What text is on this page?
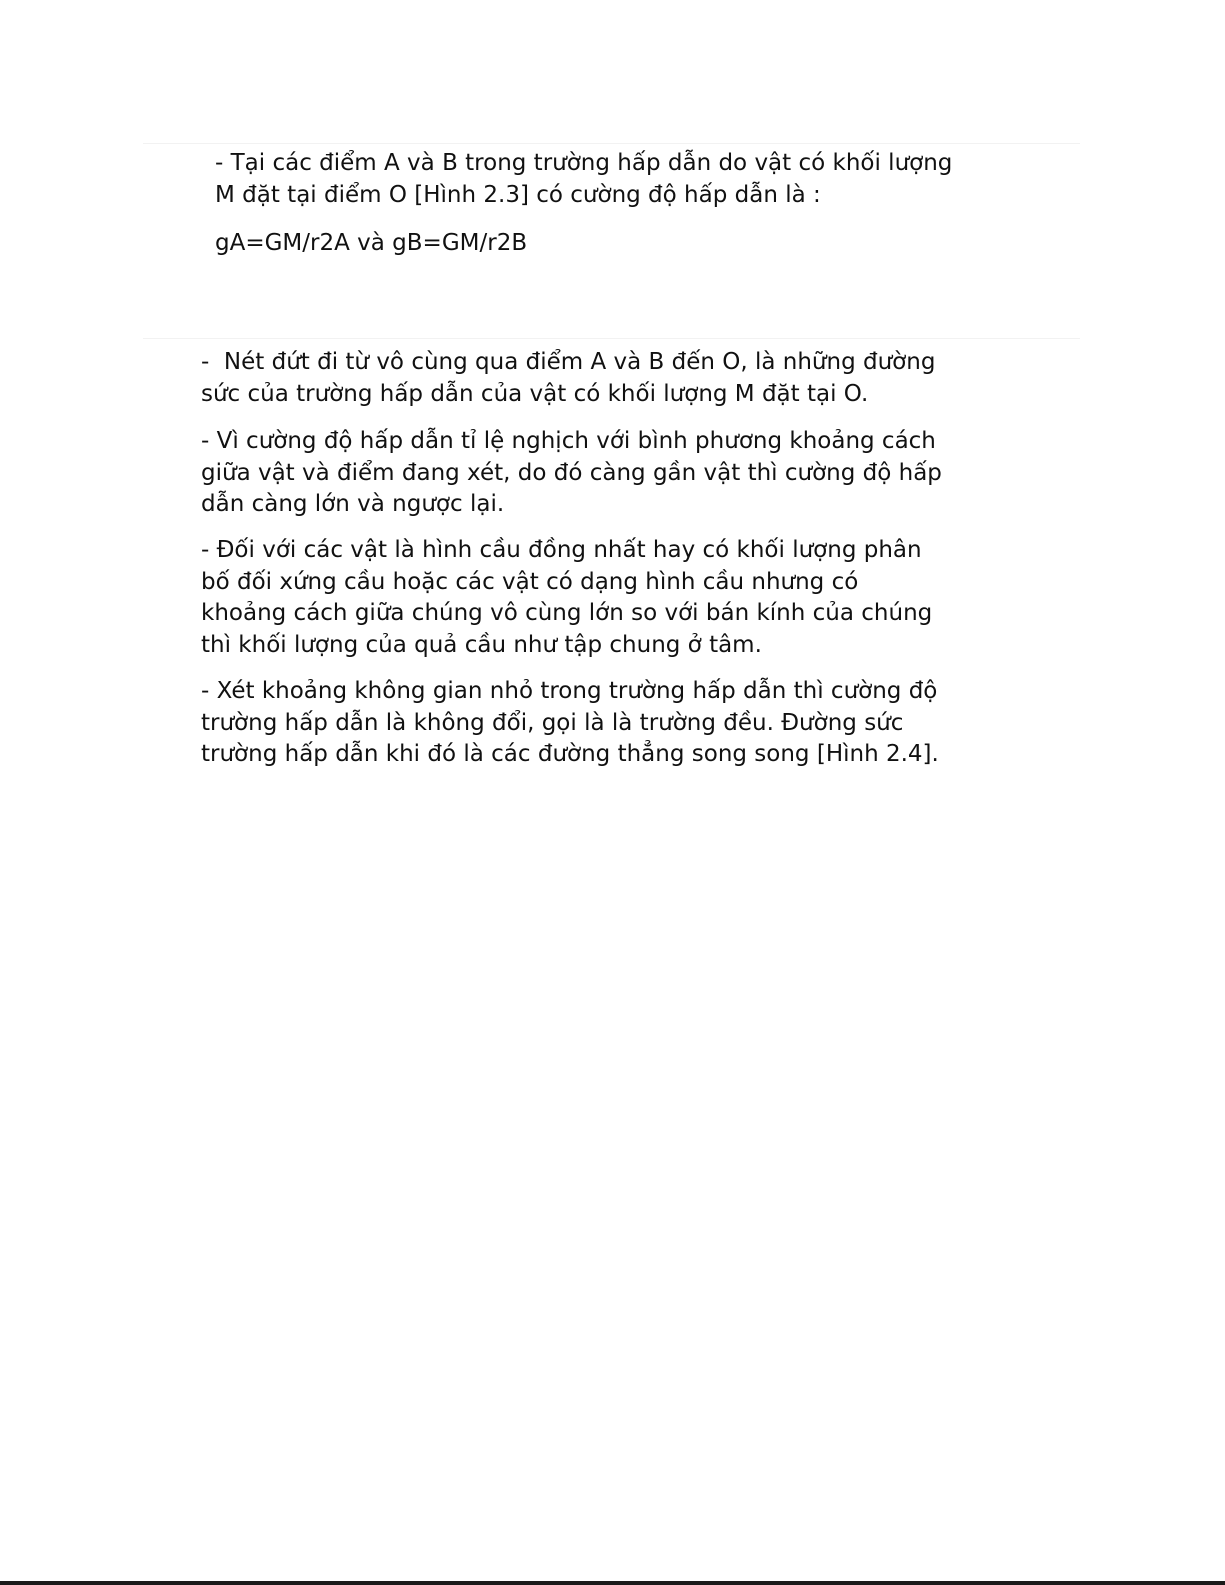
- Tại các điểm A và B trong trường hấp dẫn do vật có khối lượng
M đặt tại điểm O [Hình 2.3] có cường độ hấp dẫn là :

gA=GM/r2A và gB=GM/r2B

-  Nét đứt đi từ vô cùng qua điểm A và B đến O, là những đường
sức của trường hấp dẫn của vật có khối lượng M đặt tại O.

- Vì cường độ hấp dẫn tỉ lệ nghịch với bình phương khoảng cách
giữa vật và điểm đang xét, do đó càng gần vật thì cường độ hấp
dẫn càng lớn và ngược lại.

- Đối với các vật là hình cầu đồng nhất hay có khối lượng phân
bố đối xứng cầu hoặc các vật có dạng hình cầu nhưng có
khoảng cách giữa chúng vô cùng lớn so với bán kính của chúng
thì khối lượng của quả cầu như tập chung ở tâm.

- Xét khoảng không gian nhỏ trong trường hấp dẫn thì cường độ
trường hấp dẫn là không đổi, gọi là là trường đều. Đường sức
trường hấp dẫn khi đó là các đường thẳng song song [Hình 2.4].
